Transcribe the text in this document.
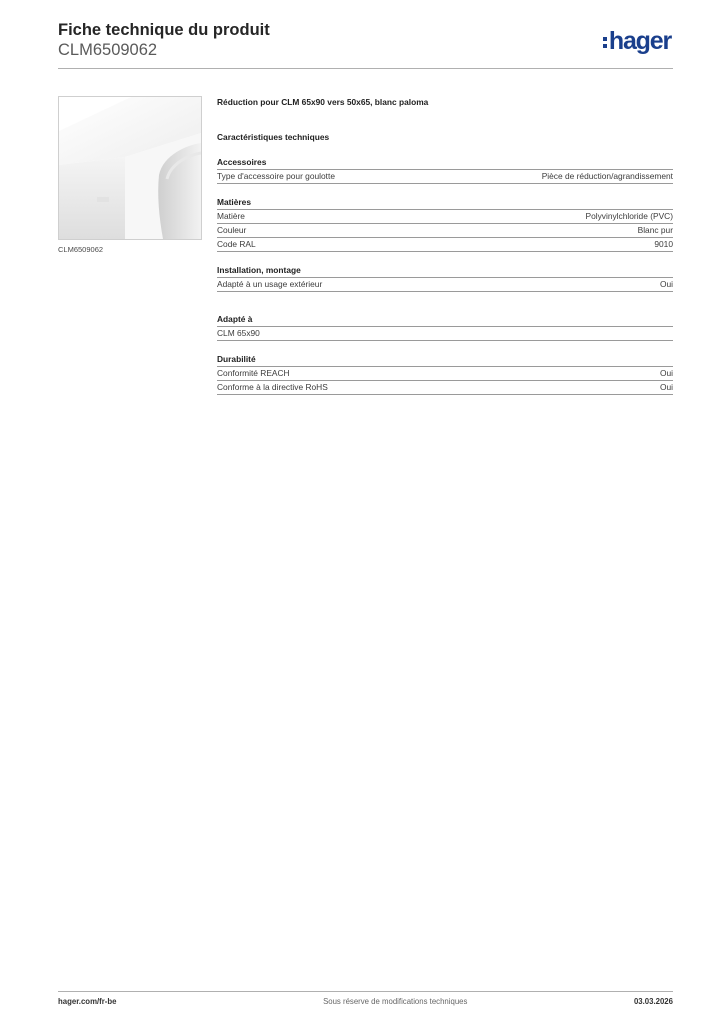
Fiche technique du produit
CLM6509062	hager
CLM6509062
Réduction pour CLM 65x90 vers 50x65, blanc paloma
Caractéristiques techniques
Accessoires
Type d'accessoire pour goulotte	Pièce de réduction/agrandissement
Matières
Matière	Polyvinylchloride (PVC)
Couleur	Blanc pur
Code RAL	9010
Installation, montage
Adapté à un usage extérieur	Oui
Adapté à
CLM 65x90
Durabilité
Conformité REACH	Oui
Conforme à la directive RoHS	Oui
hager.com/fr-be	Sous réserve de modifications techniques	03.03.2026
